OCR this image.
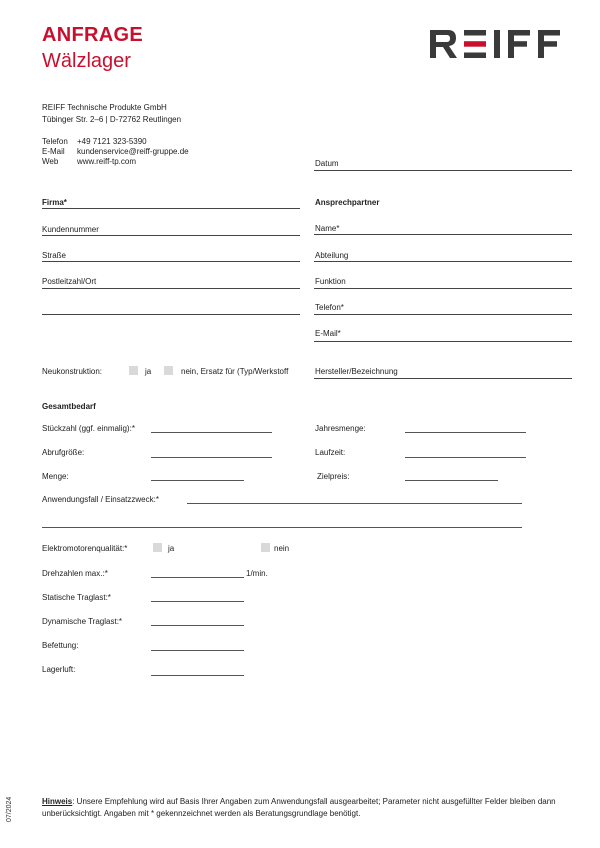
ANFRAGE
Wälzlager
REIFF Technische Produkte GmbH
Tübinger Str. 2–6 | D-72762 Reutlingen
Telefon +49 7121 323-5390
E-Mail kundenservice@reiff-gruppe.de
Web www.reiff-tp.com	Datum
Firma*
Kundennummer
Straße
Postleitzahl/Ort
Ansprechpartner
Name*
Abteilung
Funktion
Telefon*
E-Mail*
Neukonstruktion:	ja	nein, Ersatz für (Typ/Werkstoff	Hersteller/Bezeichnung
Gesamtbedarf
Stückzahl (ggf. einmalig):*	Jahresmenge:
Abrufgröße:	Laufzeit:
Menge:	Zielpreis:
Anwendungsfall / Einsatzzweck:*
Elektromotorenqualität:*	ja	nein
Drehzahlen max.:*	1/min.
Statische Traglast:*
Dynamische Traglast:*
Befettung:
Lagerluft:
07/2024	Hinweis: Unsere Empfehlung wird auf Basis Ihrer Angaben zum Anwendungsfall ausgearbeitet; Parameter nicht ausgefüllter Felder bleiben dann unberücksichtigt. Angaben mit * gekennzeichnet werden als Beratungsgrundlage benötigt.
